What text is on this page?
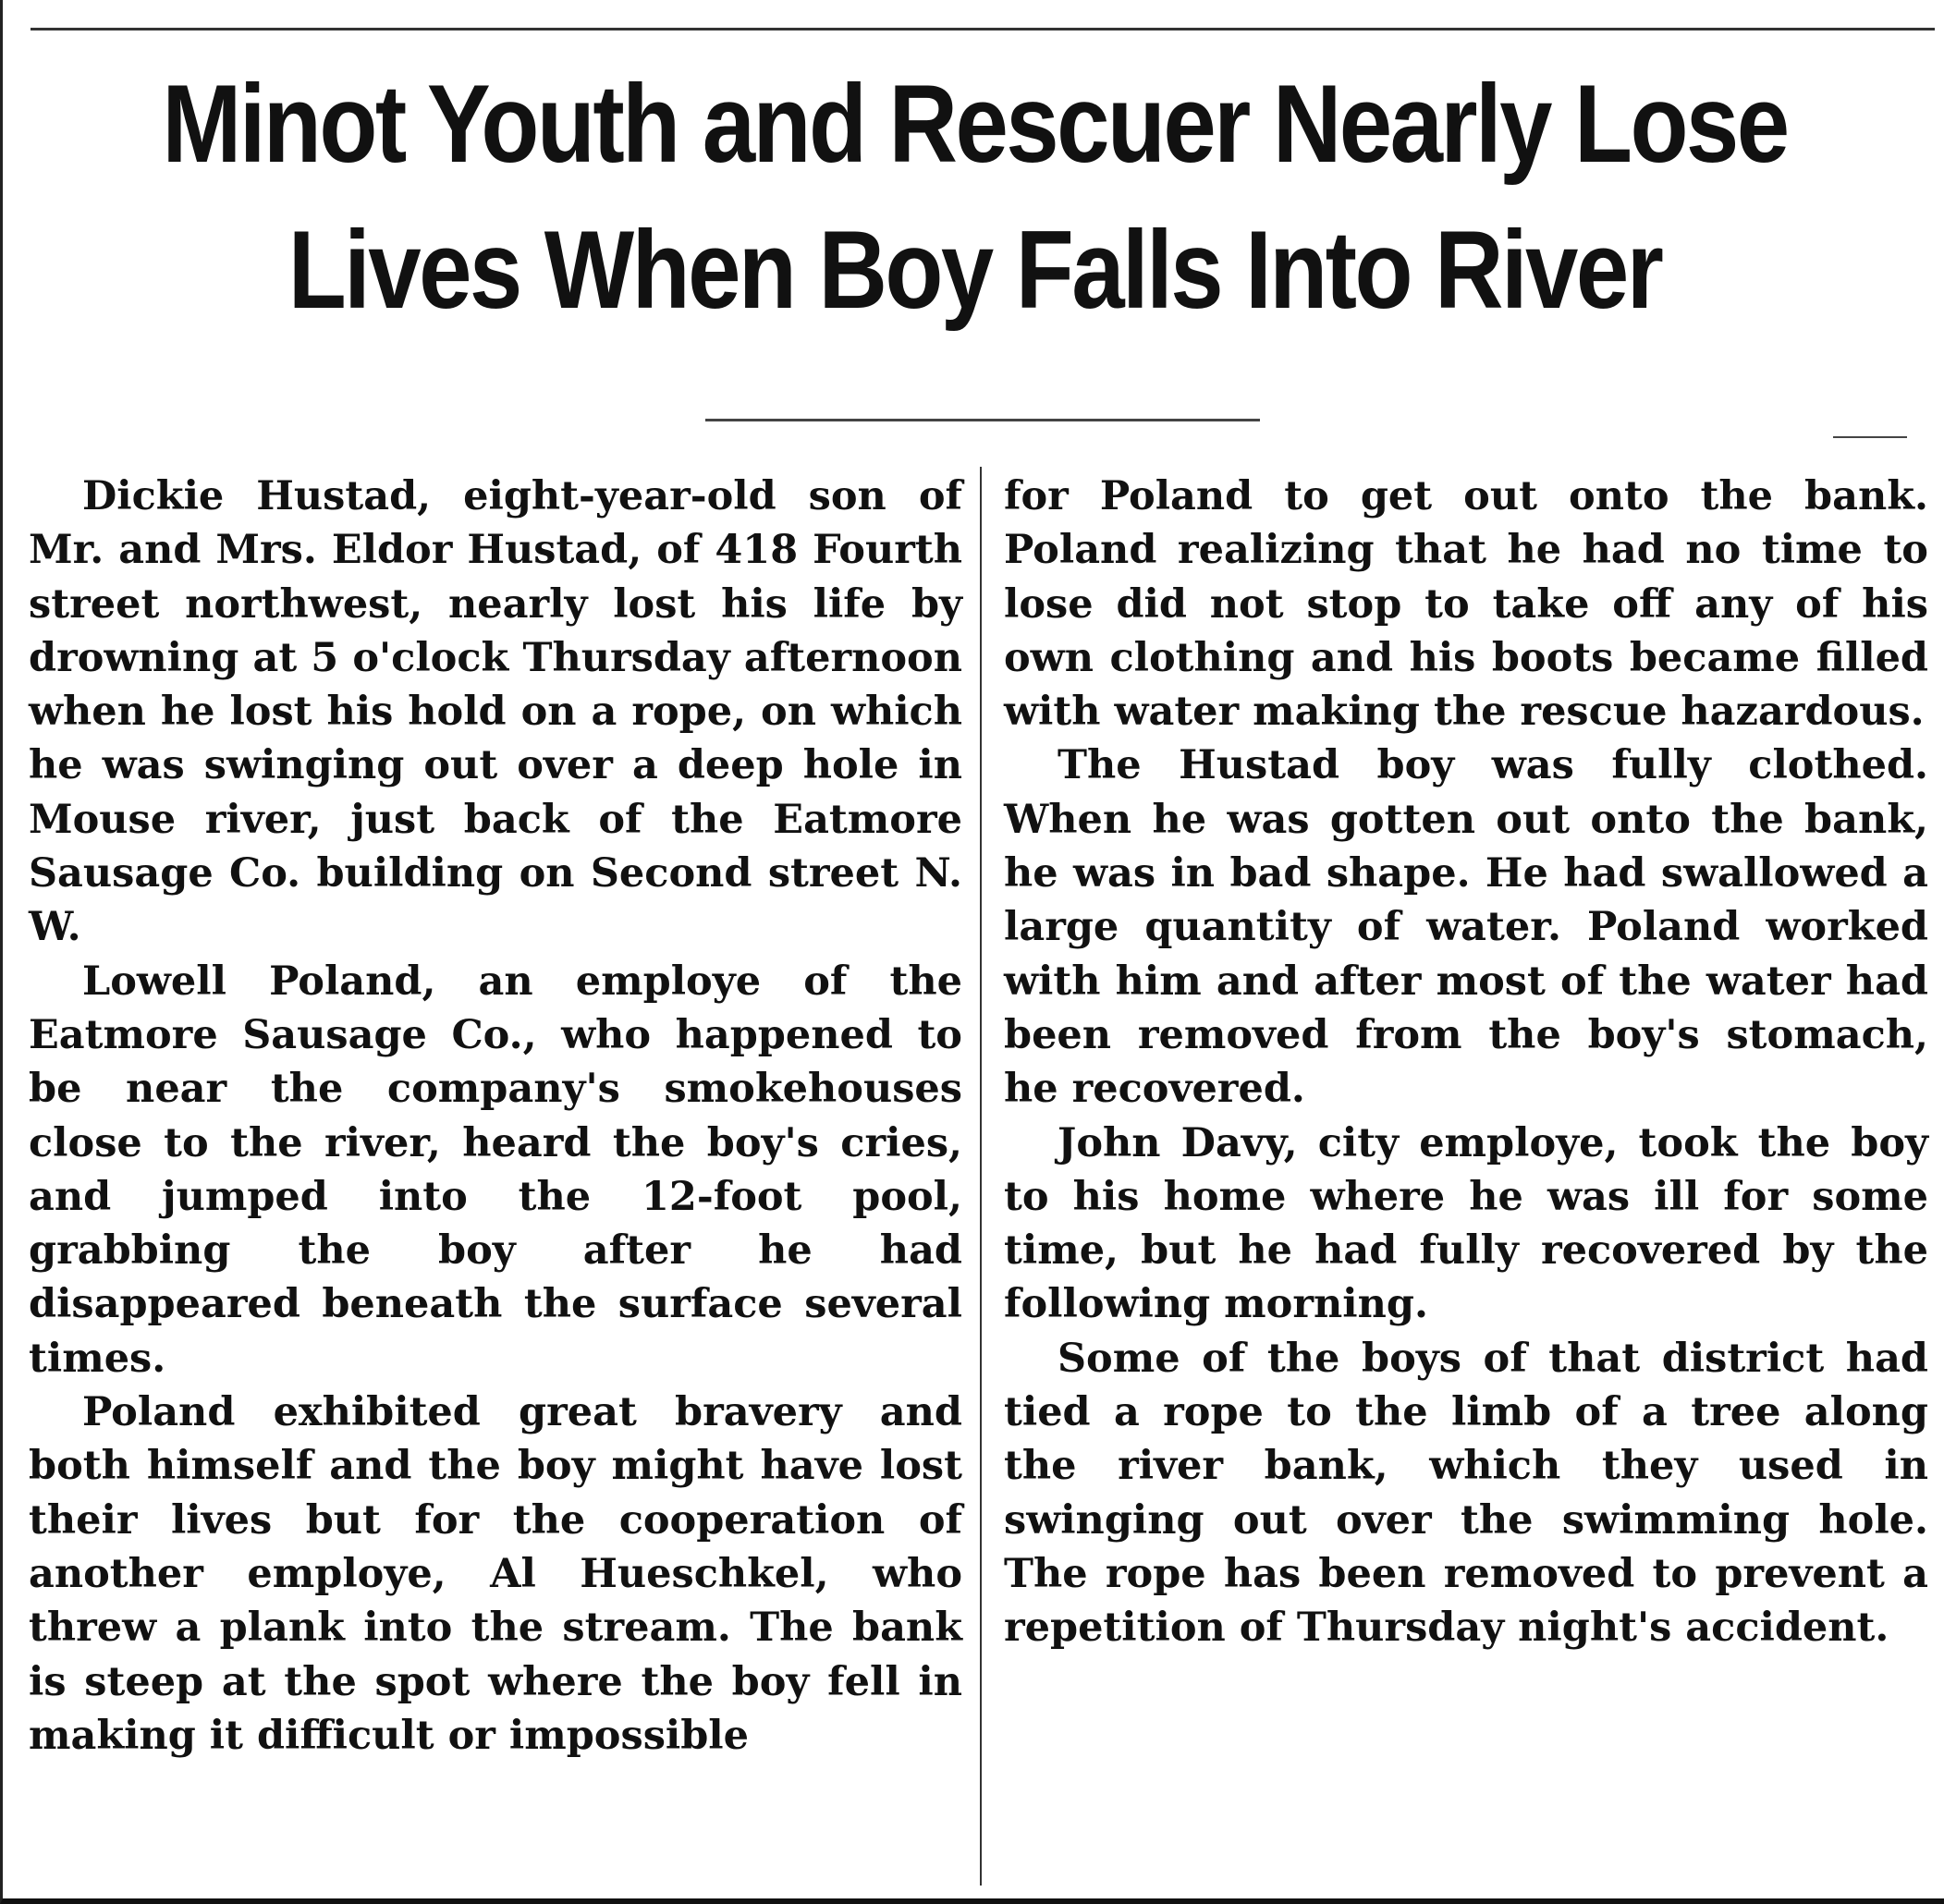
Minot Youth and Rescuer Nearly Lose
Lives When Boy Falls Into River

Dickie Hustad, eight-year-old son of Mr. and Mrs. Eldor Hustad, of 418 Fourth street northwest, nearly lost his life by drowning at 5 o'clock Thursday afternoon when he lost his hold on a rope, on which he was swinging out over a deep hole in Mouse river, just back of the Eatmore Sausage Co. building on Second street N. W.

Lowell Poland, an employe of the Eatmore Sausage Co., who happened to be near the company's smokehouses close to the river, heard the boy's cries, and jumped into the 12-foot pool, grabbing the boy after he had disappeared beneath the surface several times.

Poland exhibited great bravery and both himself and the boy might have lost their lives but for the cooperation of another employe, Al Hueschkel, who threw a plank into the stream. The bank is steep at the spot where the boy fell in making it difficult or impossible

for Poland to get out onto the bank. Poland realizing that he had no time to lose did not stop to take off any of his own clothing and his boots became filled with water making the rescue hazardous.

The Hustad boy was fully clothed. When he was gotten out onto the bank, he was in bad shape. He had swallowed a large quantity of water. Poland worked with him and after most of the water had been removed from the boy's stomach, he recovered.

John Davy, city employe, took the boy to his home where he was ill for some time, but he had fully recovered by the following morning.

Some of the boys of that district had tied a rope to the limb of a tree along the river bank, which they used in swinging out over the swimming hole. The rope has been removed to prevent a repetition of Thursday night's accident.
